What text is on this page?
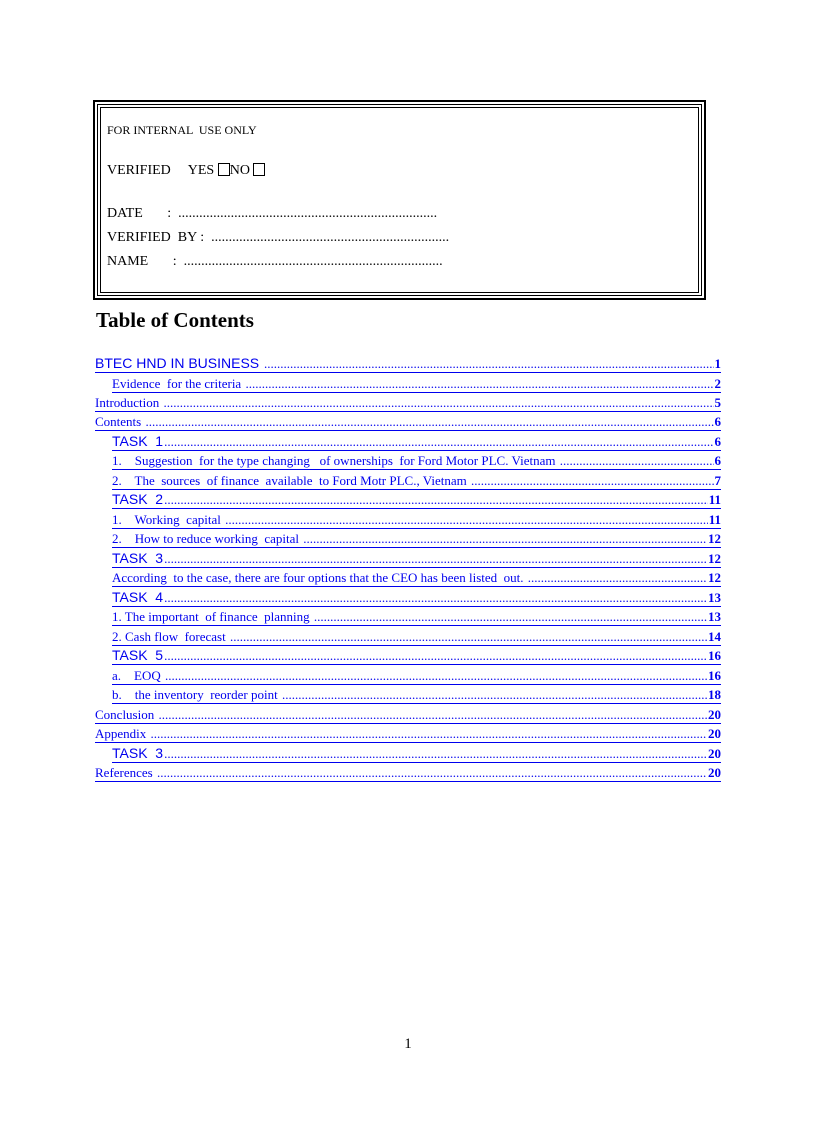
FOR INTERNAL  USE ONLY
VERIFIED     YES NO
DATE       :  ..........................................................................
VERIFIED  BY :  ....................................................................
NAME       :  ..........................................................................
Table of Contents
BTEC HND IN BUSINESS .....	1
Evidence  for the criteria .....	2
Introduction .....	5
Contents .....	6
TASK  1 .....	6
1.    Suggestion  for the type changing   of ownerships  for Ford Motor PLC. Vietnam .....	6
2.    The  sources  of finance  available  to Ford Motr PLC., Vietnam .....	7
TASK  2 .....	11
1.    Working  capital .....	11
2.    How to reduce working  capital .....	12
TASK  3 .....	12
According  to the case, there are four options that the CEO has been listed  out. .....	12
TASK  4 .....	13
1. The important  of finance  planning .....	13
2. Cash flow  forecast .....	14
TASK  5 .....	16
a.    EOQ .....	16
b.    the inventory  reorder point .....	18
Conclusion .....	20
Appendix .....	20
TASK  3 .....	20
References .....	20
1
